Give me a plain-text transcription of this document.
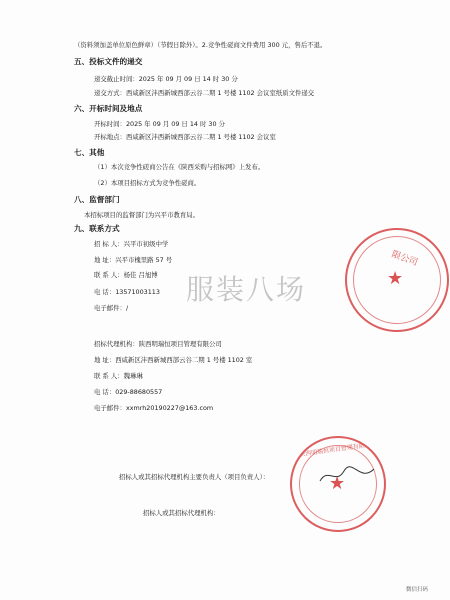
（资料须加盖单位原色鲜章）（节假日除外）。2.竞争性磋商文件费用 300 元，售后不退。
五、投标文件的递交
递交截止时间：2025 年 09 月 09 日 14 时 30 分
递交方式：西咸新区沣西新城西部云谷二期 1 号楼 1102 会议室纸质文件递交
六、开标时间及地点
开标时间：2025 年 09 月 09 日 14 时 30 分
开标地点：西咸新区沣西新城西部云谷二期 1 号楼 1102 会议室
七、其他
（1）本次竞争性磋商公告在《陕西采购与招标网》上发布。
（2）本项目招标方式为竞争性磋商。
八、监督部门
本招标项目的监督部门为兴平市教育局。
九、联系方式
招 标 人：兴平市初级中学
地 址：兴平市槐里路 57 号
联 系 人：杨佳 吕旭博
电 话：13571003113
电子邮件：/
招标代理机构：陕西明瑞恒项目管理有限公司
地 址：西咸新区沣西新城西部云谷二期 1 号楼 1102 室
联 系 人：魏琳琳
电 话：029-88680557
电子邮件：xxmrh20190227@163.com
招标人或其招标代理机构主要负责人（项目负责人）：
招标人或其招标代理机构：
★
限公司
★
陕西明瑞恒项目管理有限公司
服装八场
微信扫码
